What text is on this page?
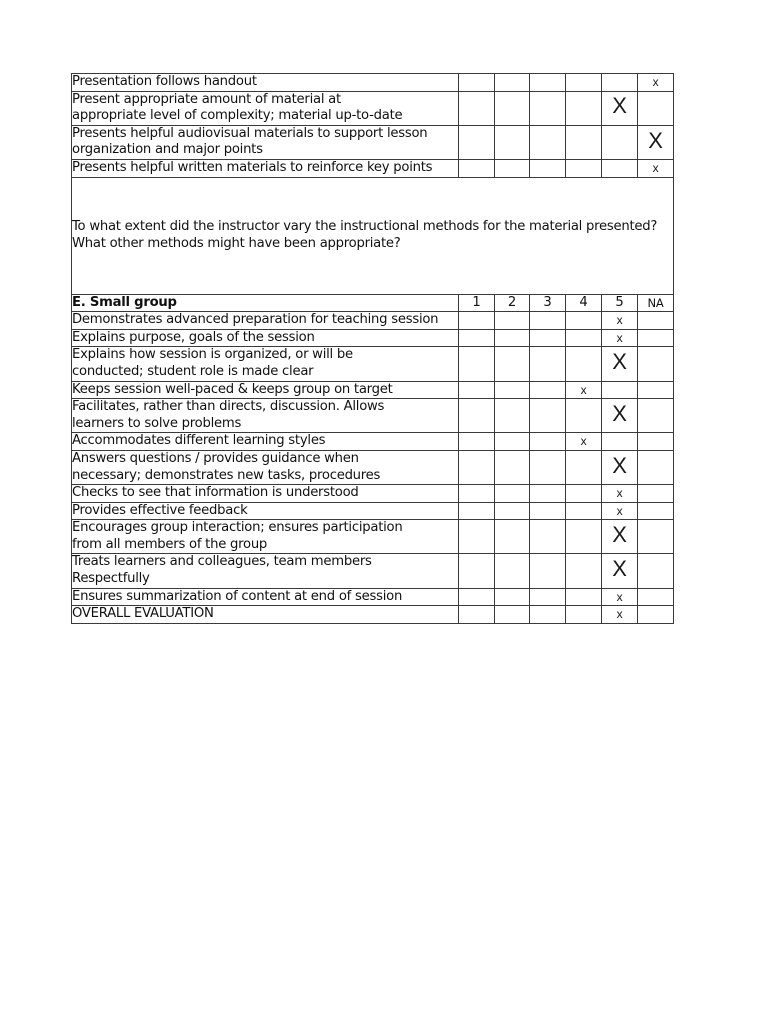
Presentation follows handout						x

Present appropriate amount of material at
appropriate level of complexity; material up-to-date					X	

Presents helpful audiovisual materials to support lesson
organization and major points						X

Presents helpful written materials to reinforce key points						x

To what extent did the instructor vary the instructional methods for the material presented?
What other methods might have been appropriate?						

E. Small group	1	2	3	4	5	NA

Demonstrates advanced preparation for teaching session					x	

Explains purpose, goals of the session					x	

Explains how session is organized, or will be
conducted; student role is made clear					X	

Keeps session well-paced & keeps group on target				x		

Facilitates, rather than directs, discussion. Allows
learners to solve problems					X	

Accommodates different learning styles				x		

Answers questions / provides guidance when
necessary; demonstrates new tasks, procedures					X	

Checks to see that information is understood					x	

Provides effective feedback					x	

Encourages group interaction; ensures participation
from all members of the group					X	

Treats learners and colleagues, team members
Respectfully					X	

Ensures summarization of content at end of session					x	

OVERALL EVALUATION					x	
